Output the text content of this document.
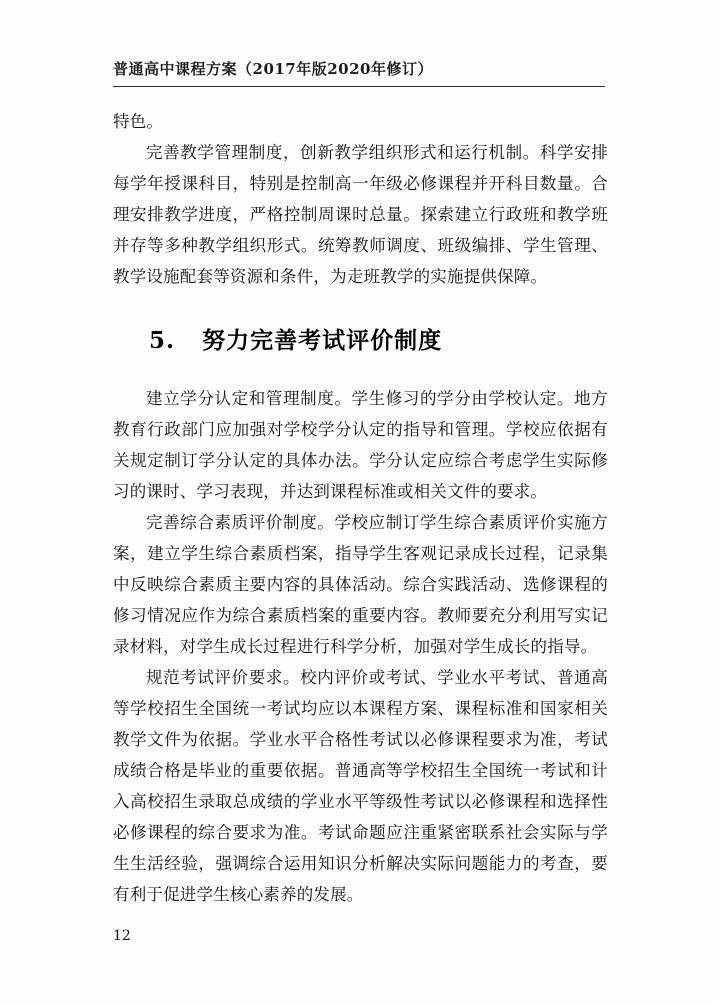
普通高中课程方案（2017年版2020年修订）

特色。

完善教学管理制度，创新教学组织形式和运行机制。科学安排每学年授课科目，特别是控制高一年级必修课程并开科目数量。合理安排教学进度，严格控制周课时总量。探索建立行政班和教学班并存等多种教学组织形式。统筹教师调度、班级编排、学生管理、教学设施配套等资源和条件，为走班教学的实施提供保障。

5. 努力完善考试评价制度

建立学分认定和管理制度。学生修习的学分由学校认定。地方教育行政部门应加强对学校学分认定的指导和管理。学校应依据有关规定制订学分认定的具体办法。学分认定应综合考虑学生实际修习的课时、学习表现，并达到课程标准或相关文件的要求。

完善综合素质评价制度。学校应制订学生综合素质评价实施方案，建立学生综合素质档案，指导学生客观记录成长过程，记录集中反映综合素质主要内容的具体活动。综合实践活动、选修课程的修习情况应作为综合素质档案的重要内容。教师要充分利用写实记录材料，对学生成长过程进行科学分析，加强对学生成长的指导。

规范考试评价要求。校内评价或考试、学业水平考试、普通高等学校招生全国统一考试均应以本课程方案、课程标准和国家相关教学文件为依据。学业水平合格性考试以必修课程要求为准，考试成绩合格是毕业的重要依据。普通高等学校招生全国统一考试和计入高校招生录取总成绩的学业水平等级性考试以必修课程和选择性必修课程的综合要求为准。考试命题应注重紧密联系社会实际与学生生活经验，强调综合运用知识分析解决实际问题能力的考查，要有利于促进学生核心素养的发展。

12
